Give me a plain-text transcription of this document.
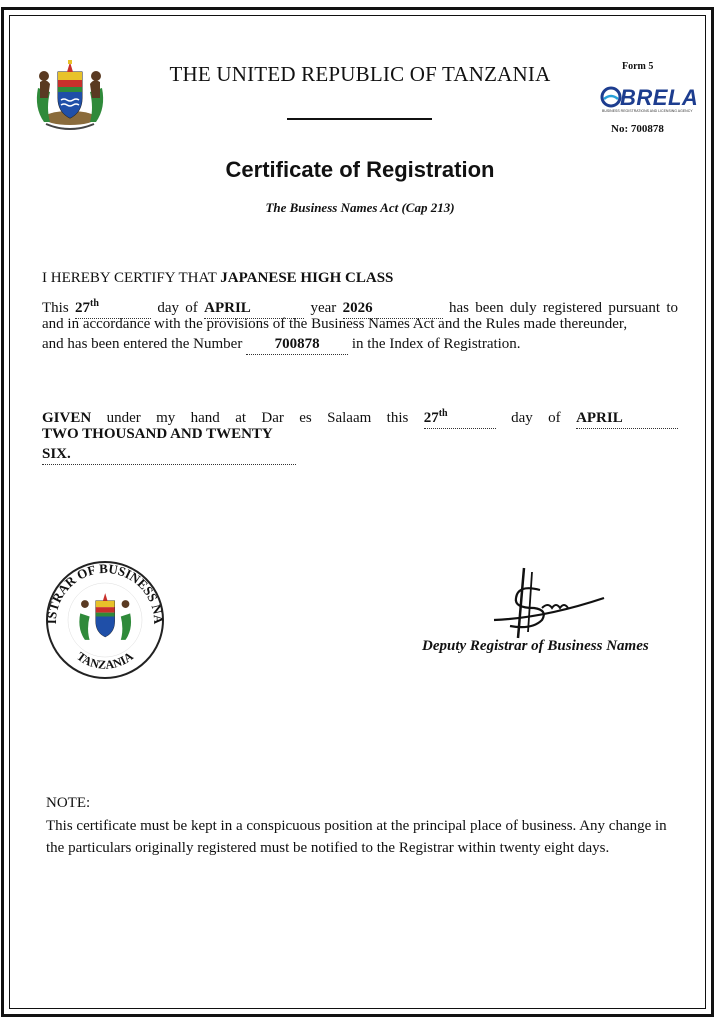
THE UNITED REPUBLIC OF TANZANIA	Form 5
BRELA
BUSINESS REGISTRATIONS AND LICENSING AGENCY
No: 700878
Certificate of Registration
The Business Names Act (Cap 213)
I HEREBY CERTIFY THAT JAPANESE HIGH CLASS
This 27th	day of APRIL	year 2026	has been duly registered pursuant to
and in accordance with the provisions of the Business Names Act and the Rules made thereunder,
and has been entered the Number 700878 in the Index of Registration.
GIVEN under my hand at Dar es Salaam this 27th	day of APRIL
TWO THOUSAND AND TWENTY
SIX.
ISTRAR OF BUSINESS NA
TANZANIA
Deputy Registrar of Business Names
NOTE:
This certificate must be kept in a conspicuous position at the principal place of business. Any change in the particulars originally registered must be notified to the Registrar within twenty eight days.
